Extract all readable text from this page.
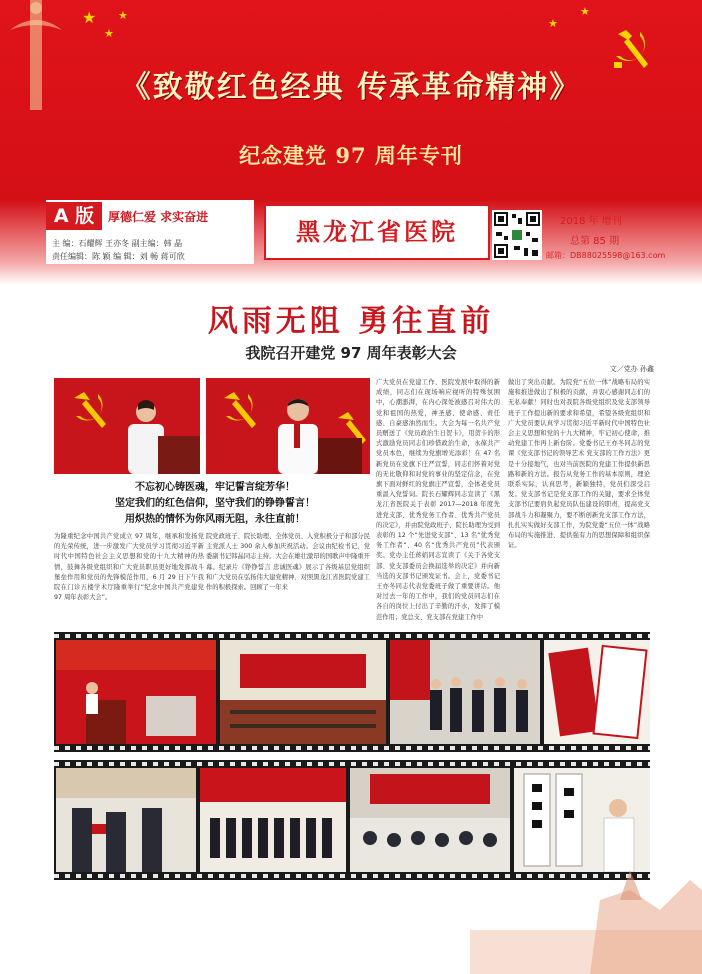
★
★
★
★
★
《致敬红色经典 传承革命精神》
纪念建党 97 周年专刊
A 版	厚德仁爱 求实奋进
主 编：石耀辉 王亦冬 副主编：韩 晶
责任编辑：陈 颖 编 辑：刘 畅 蒋可欣
黑龙江省医院	2018 年 增刊
总第 85 期
邮箱：DB88025598@163.com
风雨无阻 勇往直前
我院召开建党 97 周年表彰大会
文／党办 孙鑫
不忘初心铸医魂，牢记誓言绽芳华！
坚定我们的红色信仰，坚守我们的铮铮誓言！
用炽热的情怀为你风雨无阻，永往直前！
为隆重纪念中国共产党成立 97 周年，继承和发扬党的光荣传统，进一步激发广大党员学习贯彻习近平新时代中国特色社会主义思想和党的十九大精神的热情，鼓舞各级党组织和广大党员职员更好地发挥战斗堡垒作用和党员的先锋模范作用，6 月 29 日下午我院在门诊五楼学术厅隆重举行“纪念中国共产党建党 97 周年表彰大会”。
院党政班子、院长助理、全体党员、入党积极分子和部分民主党派人士 300 余人参加庆祝活动。会议由纪检书记、党委副书记韩晶同志主持。大会在雄壮激昂的国歌声中隆重开幕。纪录片《铮铮誓言 忠诚医魂》展示了各级基层党组织和广大党员在弘扬伟大建党精神、对照黑龙江省医院党建工作的积极探索。回顾了一年来
广大党员在党建工作、医院发展中取得的新成绩，同志们在现场响应视听的特殊氛围中，心潮澎湃，在内心深处被感召对伟大的党和祖国的热爱，神圣感、使命感、责任感、自豪感油然而生。大会为每一名共产党员赠送了《党员政治生日贺卡》，用贺卡的形式激励党员同志们珍惜政治生命，永葆共产党员本色，继续为党旗增光添彩！在 47 名新党员在党旗下庄严宣誓，同志们怀着对党的无比敬仰和对党的事业的坚定信念，在党旗下面对鲜红的党旗庄严宣誓，全体老党员重温入党誓词。院长石耀辉同志宣读了《黑龙江省医院关于表彰 2017—2018 年度先进党支部、优秀党务工作者、优秀共产党员的决定》，并由院党政班子、院长助理为受到表彰的 12 个“先进党支部”、13 名“优秀党务工作者”、40 名“优秀共产党员”代表颁奖。党办主任蒋娟同志宣读了《关于各党支部、党支部委员会换届选举的决定》并向新当选的支部书记颁发证书。会上，党委书记王亦冬同志代表党委班子做了重要讲话。他对过去一年的工作中，我们的党员同志们在各自的岗位上付出了辛勤的汗水，发挥了模范作用；党总支、党支部在党建工作中
做出了突出贡献。为院党“五位一体”战略布局的实施和推进做出了积极的贡献，并衷心感谢同志们的无私奉献！同时也对我院各级党组织及党支部领导班子工作提出新的要求和希望，希望各级党组织和广大党员要认真学习贯彻习近平新时代中国特色社会主义思想和党的十九大精神，牢记初心使命，推动党建工作再上新台阶。党委书记王亦冬同志的党课《党支部书记的领导艺术 党支部的工作方法》更是十分接地气，也对当前医院的党建工作提供新思路和新的方法。报告从党务工作的基本原则，理论联系实际，认真思考，新颖独特，党员们深受启发。党支部书记是党支部工作的关键，要求全体党支部书记要肩负起党员队伍建设的职责，提高党支部战斗力和凝聚力，要不断创新党支部工作方法，扎扎实实做好支部工作，为院党委“五位一体”战略布局的实施推进、提供强有力的思想保障和组织保证。
